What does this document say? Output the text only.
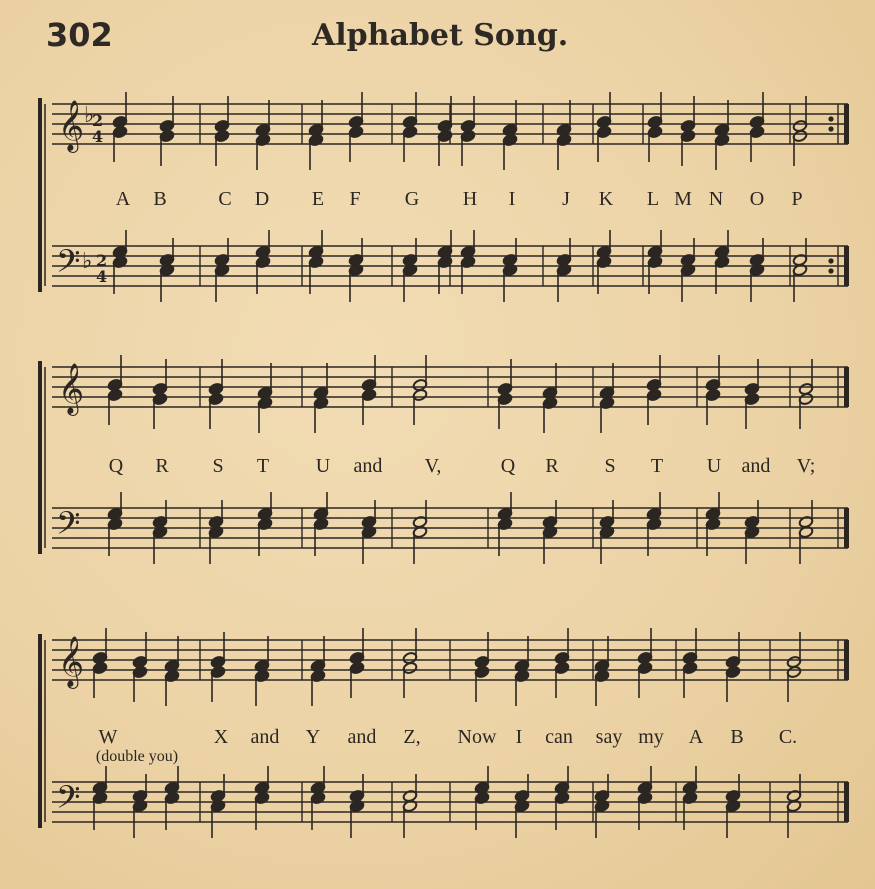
302	Alphabet Song.
𝄞
𝄢
♭
2
4
♭ 2
4
𝄞
𝄢
𝄞
𝄢
A B	C D E F G H I J K L M N O P
Q R S T U and V,	Q R S T U and V;
W	X and Y and Z, Now I can say my A B C.
(double you)
